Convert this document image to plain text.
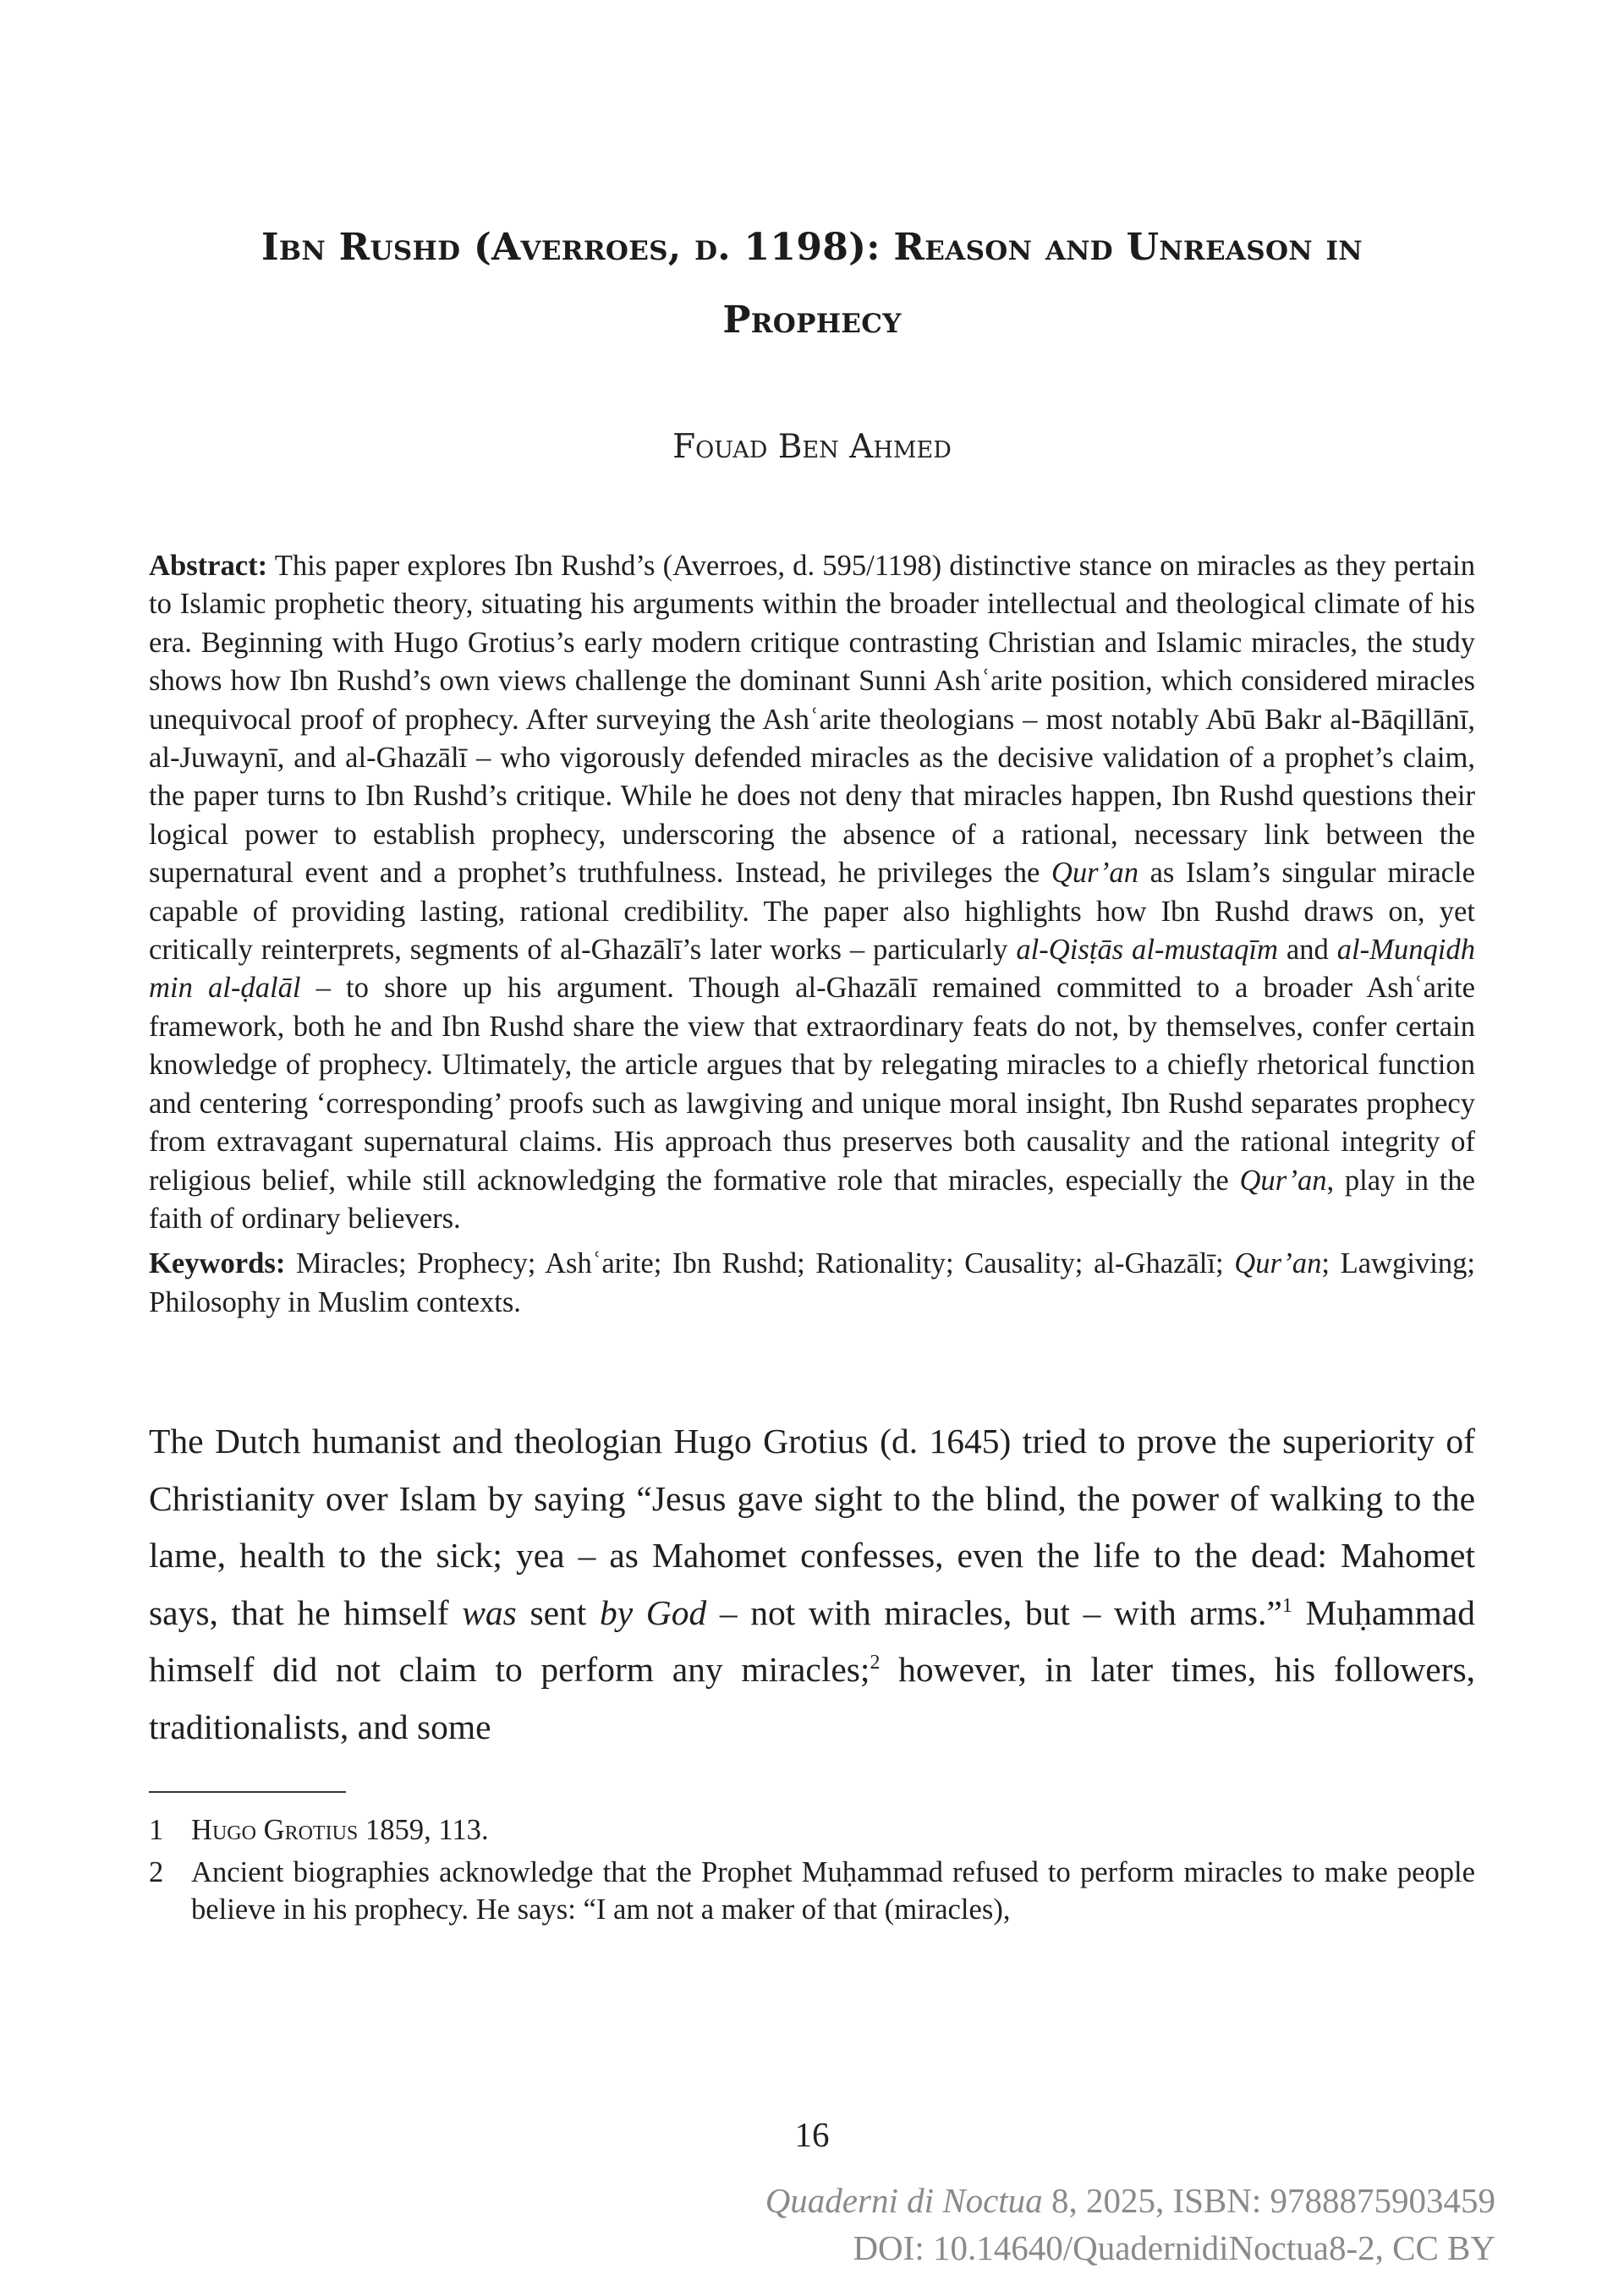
Ibn Rushd (Averroes, d. 1198): Reason and Unreason in
Prophecy
Fouad Ben Ahmed
Abstract: This paper explores Ibn Rushd’s (Averroes, d. 595/1198) distinctive stance on miracles as they pertain to Islamic prophetic theory, situating his arguments within the broader intellectual and theological climate of his era. Beginning with Hugo Grotius’s early modern critique contrasting Christian and Islamic miracles, the study shows how Ibn Rushd’s own views challenge the dominant Sunni Ashʿarite position, which considered miracles unequivocal proof of prophecy. After surveying the Ashʿarite theologians – most notably Abū Bakr al-Bāqillānī, al-Juwaynī, and al-Ghazālī – who vigorously defended miracles as the decisive validation of a prophet’s claim, the paper turns to Ibn Rushd’s critique. While he does not deny that miracles happen, Ibn Rushd questions their logical power to establish prophecy, underscoring the absence of a rational, necessary link between the supernatural event and a prophet’s truthfulness. Instead, he privileges the Qur’an as Islam’s singular miracle capable of providing lasting, rational credibility. The paper also highlights how Ibn Rushd draws on, yet critically reinterprets, segments of al-Ghazālī’s later works – particularly al-Qisṭās al-mustaqīm and al-Munqidh min al-ḍalāl – to shore up his argument. Though al-Ghazālī remained committed to a broader Ashʿarite framework, both he and Ibn Rushd share the view that extraordinary feats do not, by themselves, confer certain knowledge of prophecy. Ultimately, the article argues that by relegating miracles to a chiefly rhetorical function and centering ‘corresponding’ proofs such as lawgiving and unique moral insight, Ibn Rushd separates prophecy from extravagant supernatural claims. His approach thus preserves both causality and the rational integrity of religious belief, while still acknowledging the formative role that miracles, especially the Qur’an, play in the faith of ordinary believers.
Keywords: Miracles; Prophecy; Ashʿarite; Ibn Rushd; Rationality; Causality; al-Ghazālī; Qur’an; Lawgiving; Philosophy in Muslim contexts.

The Dutch humanist and theologian Hugo Grotius (d. 1645) tried to prove the superiority of Christianity over Islam by saying “Jesus gave sight to the blind, the power of walking to the lame, health to the sick; yea – as Mahomet confesses, even the life to the dead: Mahomet says, that he himself was sent by God – not with miracles, but – with arms.”$^1$ Muḥammad himself did not claim to perform any miracles;$^2$ however, in later times, his followers, traditionalists, and some

1 Hugo Grotius 1859, 113.
2 Ancient biographies acknowledge that the Prophet Muḥammad refused to perform miracles to make people believe in his prophecy. He says: “I am not a maker of that (miracles),
16
Quaderni di Noctua 8, 2025, ISBN: 9788875903459
DOI: 10.14640/QuadernidiNoctua8-2, CC BY
